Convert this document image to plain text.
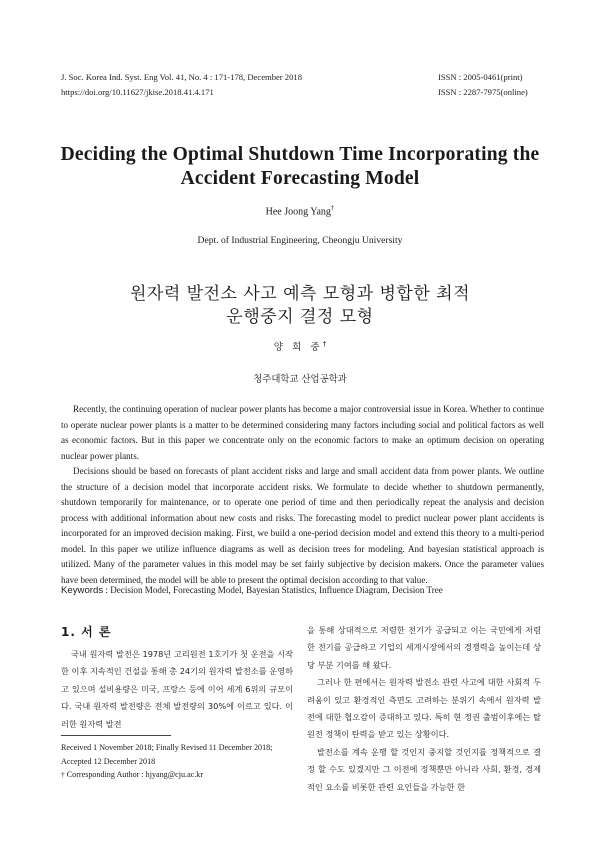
J. Soc. Korea Ind. Syst. Eng Vol. 41, No. 4 : 171-178, December 2018
https://doi.org/10.11627/jkise.2018.41.4.171
ISSN : 2005-0461(print)
ISSN : 2287-7975(online)
Deciding the Optimal Shutdown Time Incorporating the
Accident Forecasting Model
Hee Joong Yang†
Dept. of Industrial Engineering, Cheongju University
원자력 발전소 사고 예측 모형과 병합한 최적
운행중지 결정 모형
양 희 중†
청주대학교 산업공학과

Recently, the continuing operation of nuclear power plants has become a major controversial issue in Korea. Whether to continue to operate nuclear power plants is a matter to be determined considering many factors including social and political factors as well as economic factors. But in this paper we concentrate only on the economic factors to make an optimum decision on operating nuclear power plants.

Decisions should be based on forecasts of plant accident risks and large and small accident data from power plants. We outline the structure of a decision model that incorporate accident risks. We formulate to decide whether to shutdown permanently, shutdown temporarily for maintenance, or to operate one period of time and then periodically repeat the analysis and decision process with additional information about new costs and risks. The forecasting model to predict nuclear power plant accidents is incorporated for an improved decision making. First, we build a one-period decision model and extend this theory to a multi-period model. In this paper we utilize influence diagrams as well as decision trees for modeling. And bayesian statistical approach is utilized. Many of the parameter values in this model may be set fairly subjective by decision makers. Once the parameter values have been determined, the model will be able to present the optimal decision according to that value.

Keywords : Decision Model, Forecasting Model, Bayesian Statistics, Influence Diagram, Decision Tree
1. 서 론

국내 원자력 발전은 1978년 고리원전 1호기가 첫 운전을 시작한 이후 지속적인 건설을 통해 총 24기의 원자력 발전소를 운영하고 있으며 설비용량은 미국, 프랑스 등에 이어 세계 6위의 규모이다. 국내 원자력 발전량은 전체 발전량의 30%에 이르고 있다. 이러한 원자력 발전

Received 1 November 2018; Finally Revised 11 December 2018; Accepted 12 December 2018
† Corresponding Author : hjyang@cju.ac.kr

을 통해 상대적으로 저렴한 전기가 공급되고 이는 국민에게 저렴한 전기를 공급하고 기업의 세계시장에서의 경쟁력을 높이는데 상당 부분 기여를 해 왔다.

그러나 한 편에서는 원자력 발전소 관련 사고에 대한 사회적 두려움이 있고 환경적인 측면도 고려하는 분위기 속에서 원자력 발전에 대한 협오감이 증대하고 있다. 특히 현 정권 출범이후에는 탈 원전 정책이 탄력을 받고 있는 상황이다.

발전소를 계속 운행 할 것인지 중지할 것인지를 정책적으로 결정 할 수도 있겠지만 그 이전에 정책뿐만 아니라 사회, 환경, 경제적인 요소를 비롯한 관련 요인들을 가능한 한
